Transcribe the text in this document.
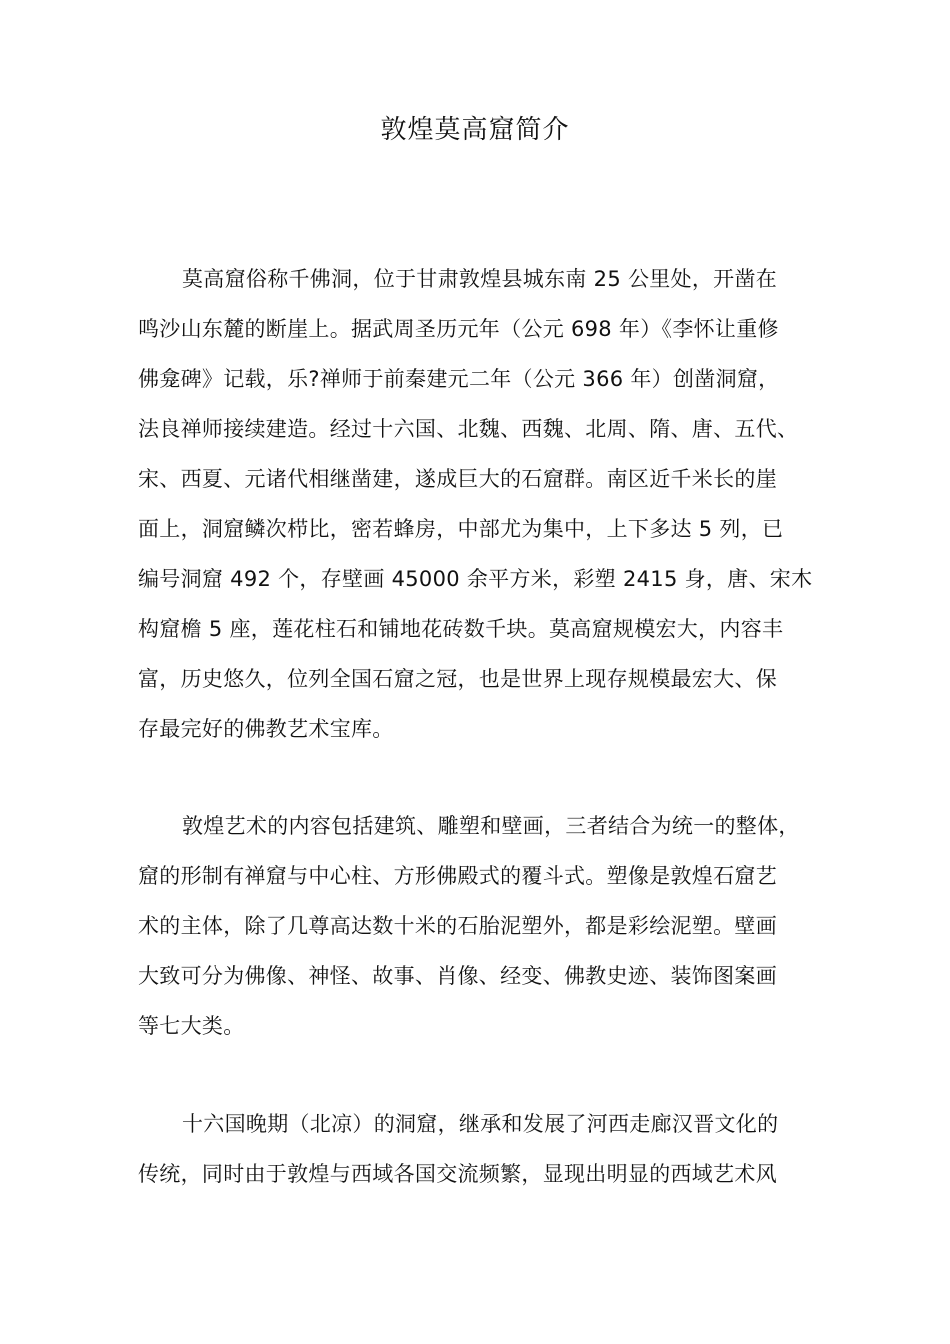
敦煌莫高窟简介
莫高窟俗称千佛洞，位于甘肃敦煌县城东南 25 公里处，开凿在
鸣沙山东麓的断崖上。据武周圣历元年（公元 698 年）《李怀让重修
佛龛碑》记载，乐?禅师于前秦建元二年（公元 366 年）创凿洞窟，
法良禅师接续建造。经过十六国、北魏、西魏、北周、隋、唐、五代、
宋、西夏、元诸代相继凿建，遂成巨大的石窟群。南区近千米长的崖
面上，洞窟鳞次栉比，密若蜂房，中部尤为集中，上下多达 5 列，已
编号洞窟 492 个，存壁画 45000 余平方米，彩塑 2415 身，唐、宋木
构窟檐 5 座，莲花柱石和铺地花砖数千块。莫高窟规模宏大，内容丰
富，历史悠久，位列全国石窟之冠，也是世界上现存规模最宏大、保
存最完好的佛教艺术宝库。
敦煌艺术的内容包括建筑、雕塑和壁画，三者结合为统一的整体，
窟的形制有禅窟与中心柱、方形佛殿式的覆斗式。塑像是敦煌石窟艺
术的主体，除了几尊高达数十米的石胎泥塑外，都是彩绘泥塑。壁画
大致可分为佛像、神怪、故事、肖像、经变、佛教史迹、装饰图案画
等七大类。
十六国晚期（北凉）的洞窟，继承和发展了河西走廊汉晋文化的
传统，同时由于敦煌与西域各国交流频繁，显现出明显的西域艺术风
